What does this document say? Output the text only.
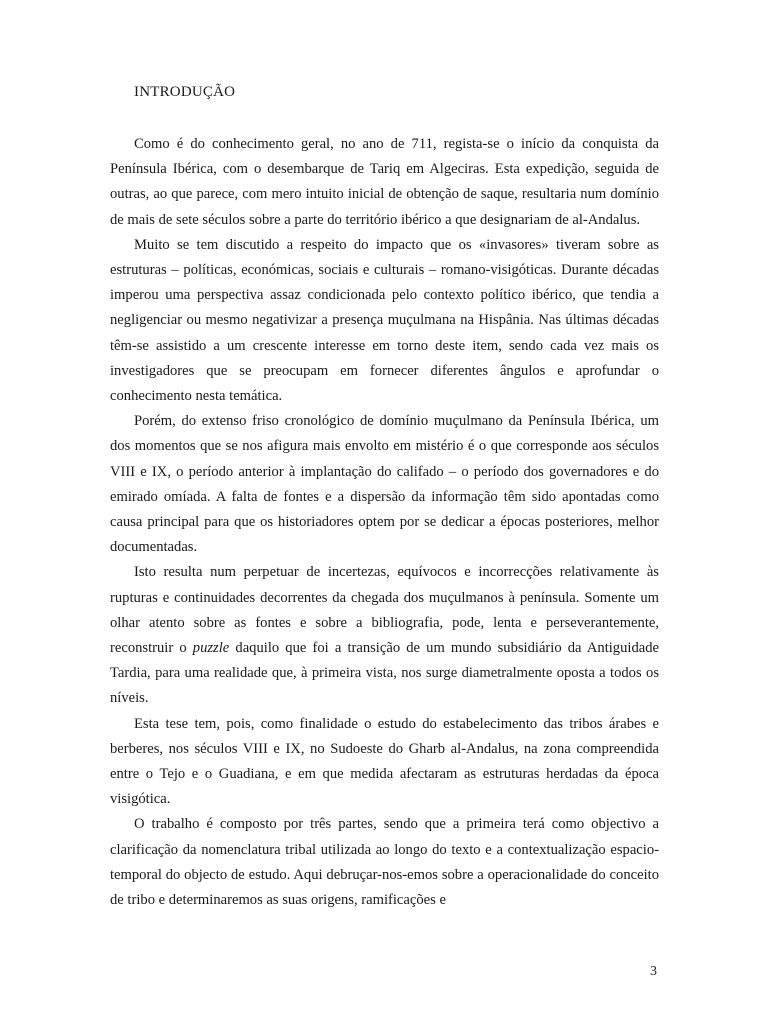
INTRODUÇÃO

Como é do conhecimento geral, no ano de 711, regista-se o início da conquista da Península Ibérica, com o desembarque de Tariq em Algeciras. Esta expedição, seguida de outras, ao que parece, com mero intuito inicial de obtenção de saque, resultaria num domínio de mais de sete séculos sobre a parte do território ibérico a que designariam de al-Andalus.

Muito se tem discutido a respeito do impacto que os «invasores» tiveram sobre as estruturas – políticas, económicas, sociais e culturais – romano-visigóticas. Durante décadas imperou uma perspectiva assaz condicionada pelo contexto político ibérico, que tendia a negligenciar ou mesmo negativizar a presença muçulmana na Hispânia. Nas últimas décadas têm-se assistido a um crescente interesse em torno deste item, sendo cada vez mais os investigadores que se preocupam em fornecer diferentes ângulos e aprofundar o conhecimento nesta temática.

Porém, do extenso friso cronológico de domínio muçulmano da Península Ibérica, um dos momentos que se nos afigura mais envolto em mistério é o que corresponde aos séculos VIII e IX, o período anterior à implantação do califado – o período dos governadores e do emirado omíada. A falta de fontes e a dispersão da informação têm sido apontadas como causa principal para que os historiadores optem por se dedicar a épocas posteriores, melhor documentadas.

Isto resulta num perpetuar de incertezas, equívocos e incorrecções relativamente às rupturas e continuidades decorrentes da chegada dos muçulmanos à península. Somente um olhar atento sobre as fontes e sobre a bibliografia, pode, lenta e perseverantemente, reconstruir o puzzle daquilo que foi a transição de um mundo subsidiário da Antiguidade Tardia, para uma realidade que, à primeira vista, nos surge diametralmente oposta a todos os níveis.

Esta tese tem, pois, como finalidade o estudo do estabelecimento das tribos árabes e berberes, nos séculos VIII e IX, no Sudoeste do Gharb al-Andalus, na zona compreendida entre o Tejo e o Guadiana, e em que medida afectaram as estruturas herdadas da época visigótica.

O trabalho é composto por três partes, sendo que a primeira terá como objectivo a clarificação da nomenclatura tribal utilizada ao longo do texto e a contextualização espacio-temporal do objecto de estudo. Aqui debruçar-nos-emos sobre a operacionalidade do conceito de tribo e determinaremos as suas origens, ramificações e

3
